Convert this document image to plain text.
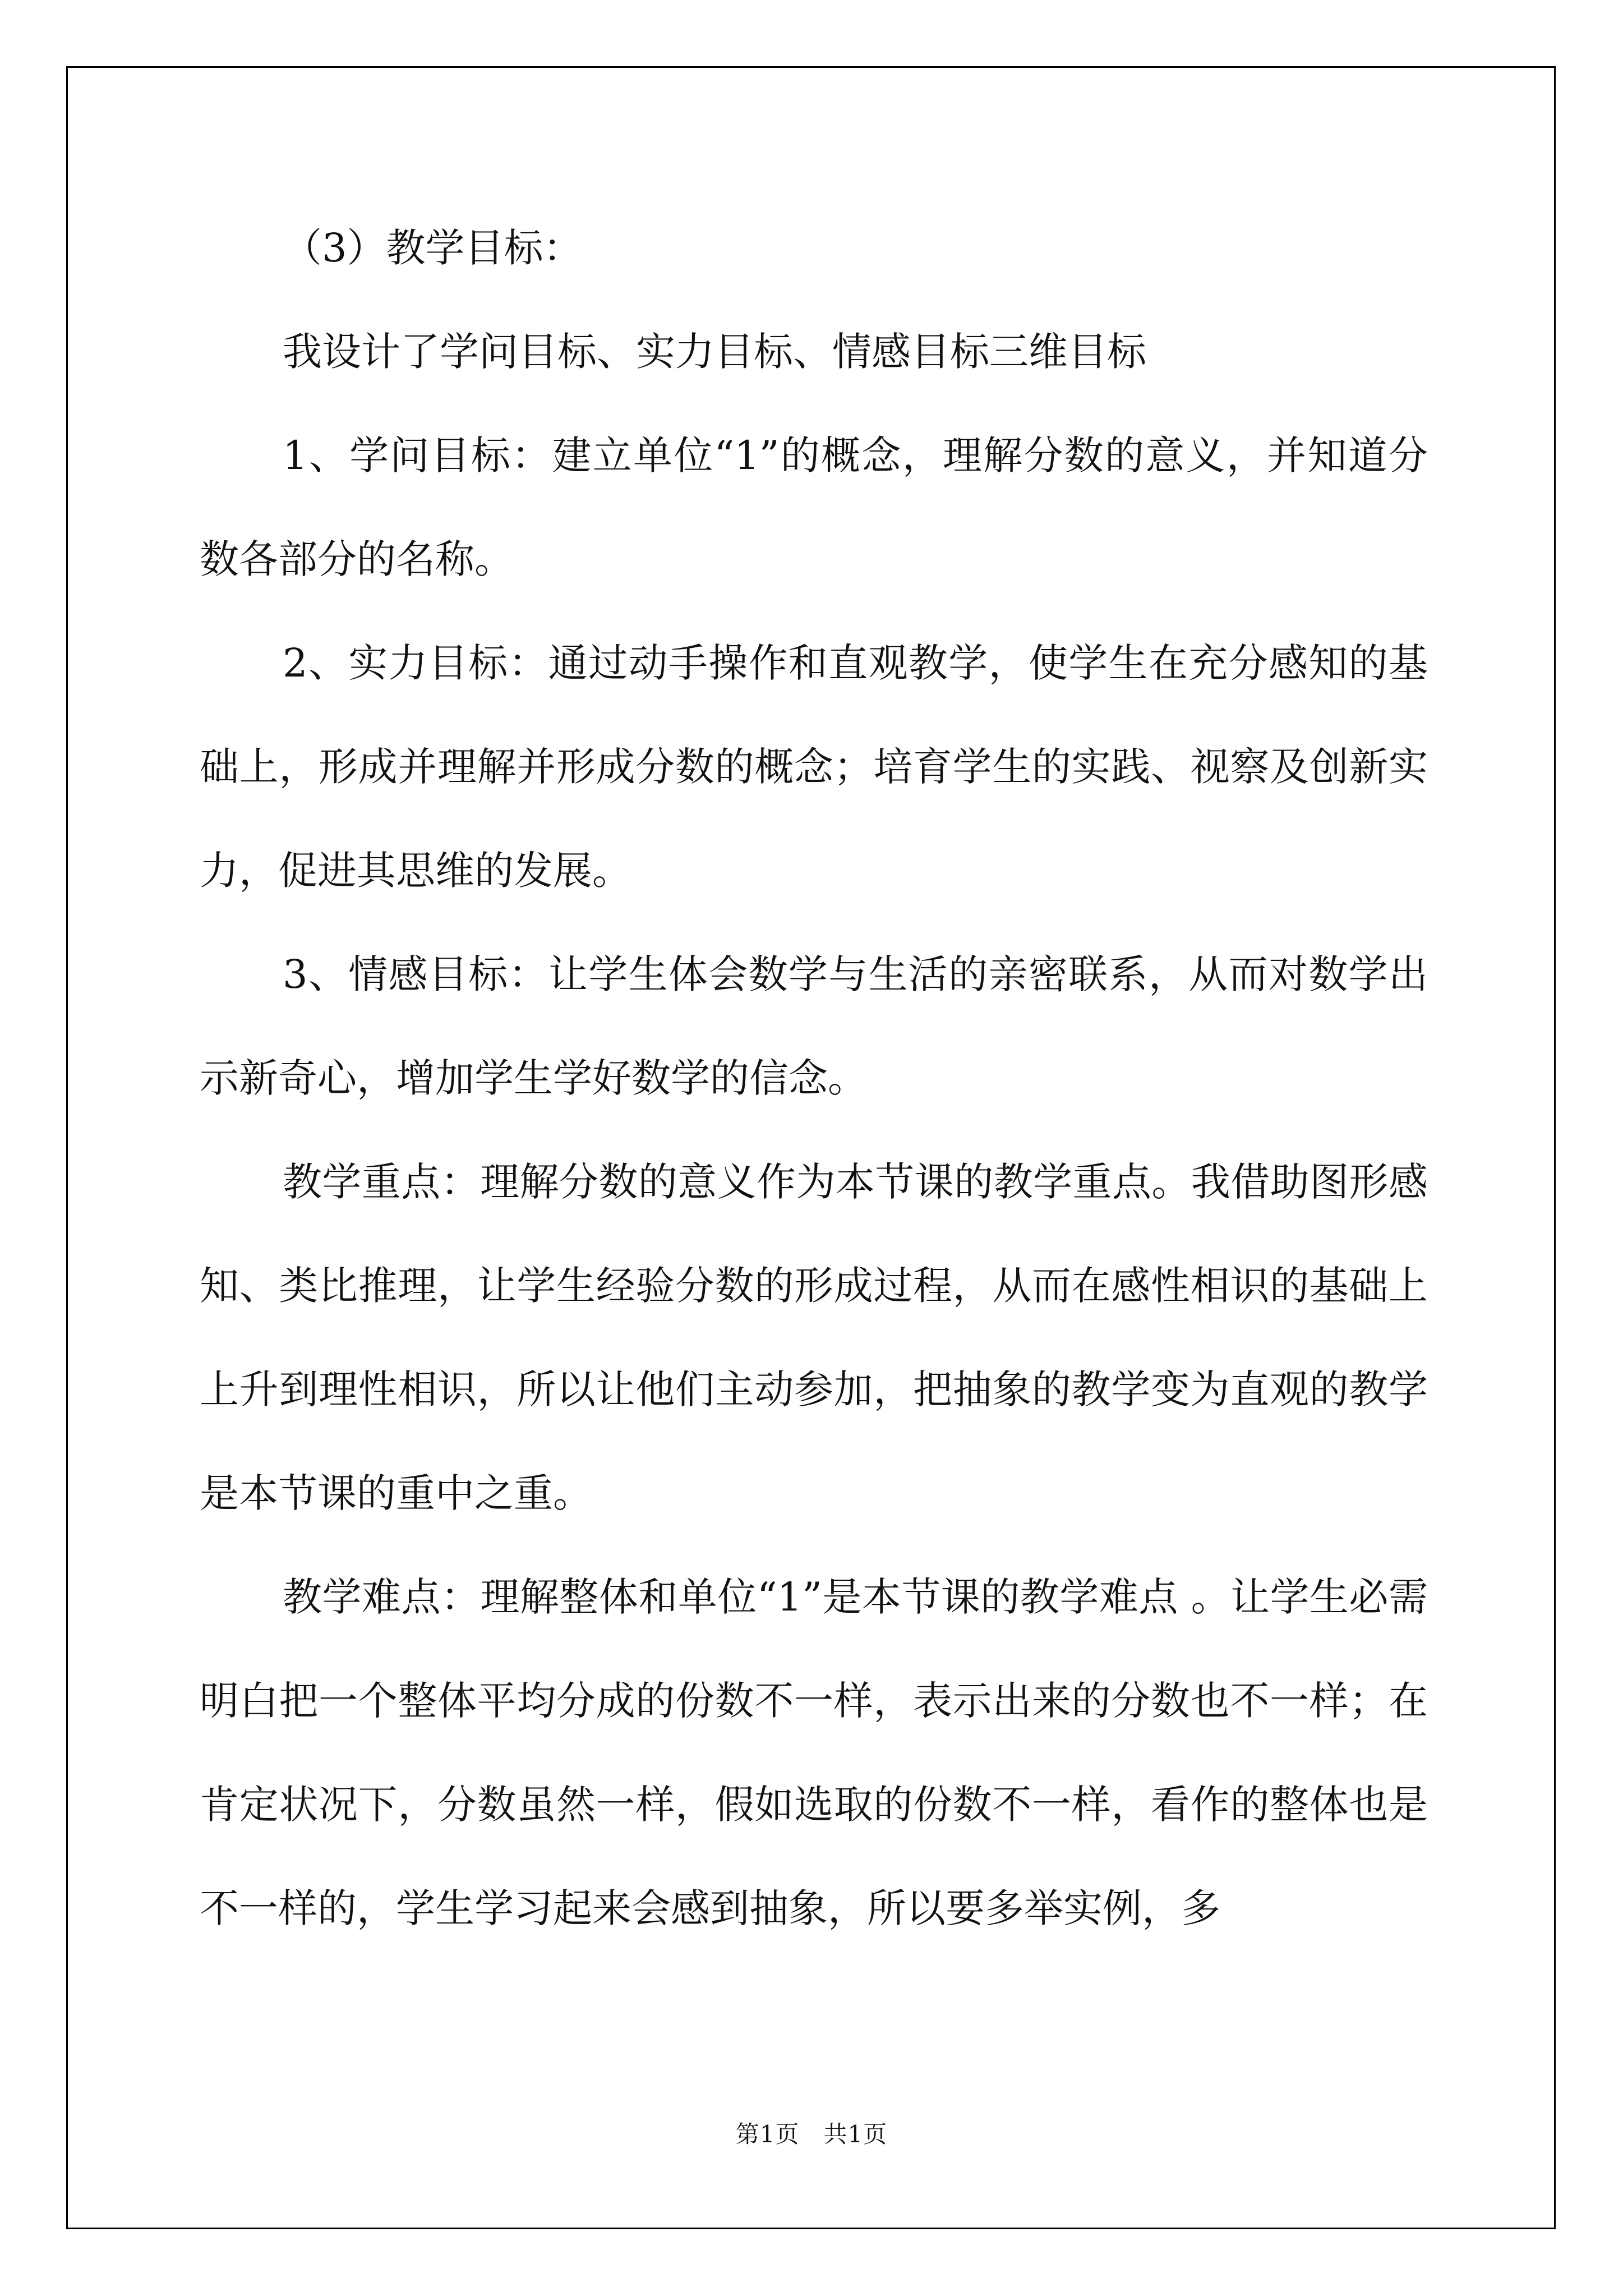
（3）教学目标：

我设计了学问目标、实力目标、情感目标三维目标

1、学问目标：建立单位“1”的概念，理解分数的意义，并知道分数各部分的名称。

2、实力目标：通过动手操作和直观教学，使学生在充分感知的基础上，形成并理解并形成分数的概念；培育学生的实践、视察及创新实力，促进其思维的发展。

3、情感目标：让学生体会数学与生活的亲密联系，从而对数学出示新奇心，增加学生学好数学的信念。

教学重点：理解分数的意义作为本节课的教学重点。我借助图形感知、类比推理，让学生经验分数的形成过程，从而在感性相识的基础上上升到理性相识，所以让他们主动参加，把抽象的教学变为直观的教学是本节课的重中之重。

教学难点：理解整体和单位“1”是本节课的教学难点 。让学生必需明白把一个整体平均分成的份数不一样，表示出来的分数也不一样；在肯定状况下，分数虽然一样，假如选取的份数不一样，看作的整体也是不一样的，学生学习起来会感到抽象，所以要多举实例，多

第1页　共1页
